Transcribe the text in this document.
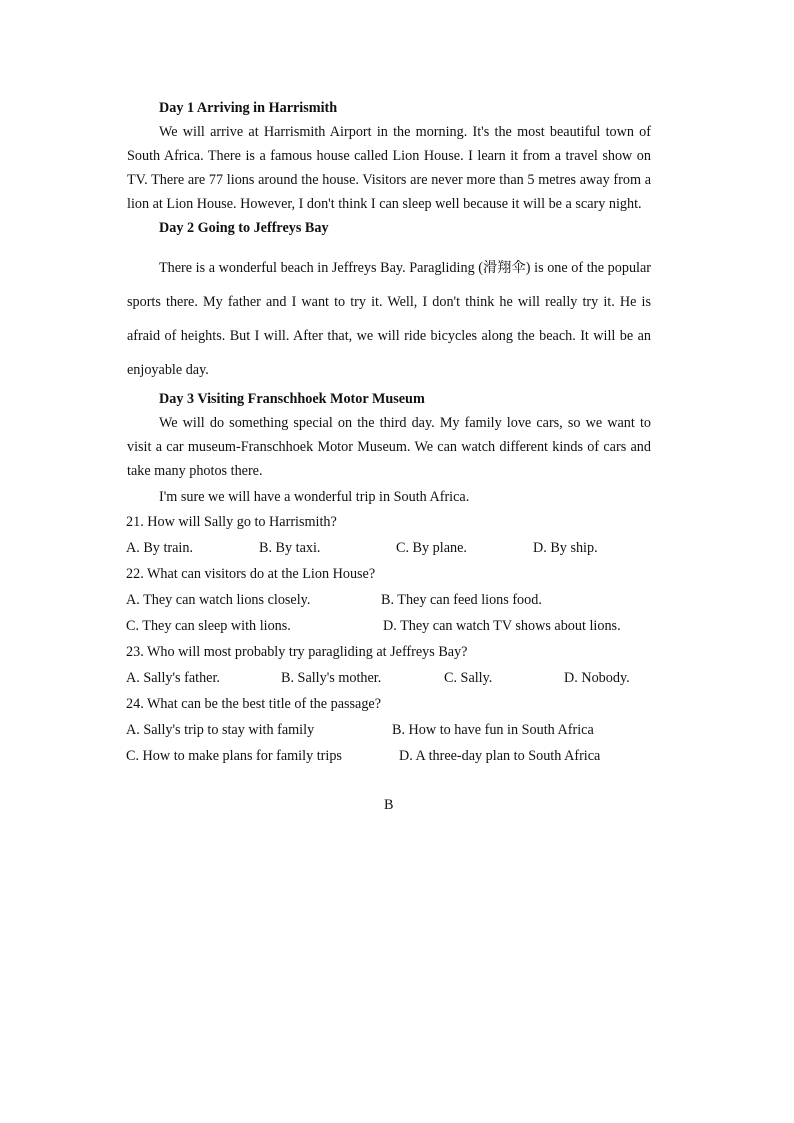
Day 1 Arriving in Harrismith

We will arrive at Harrismith Airport in the morning. It's the most beautiful town of South Africa. There is a famous house called Lion House. I learn it from a travel show on TV. There are 77 lions around the house. Visitors are never more than 5 metres away from a lion at Lion House. However, I don't think I can sleep well because it will be a scary night.

Day 2 Going to Jeffreys Bay

There is a wonderful beach in Jeffreys Bay. Paragliding (滑翔伞) is one of the popular sports there. My father and I want to try it. Well, I don't think he will really try it. He is afraid of heights. But I will. After that, we will ride bicycles along the beach. It will be an enjoyable day.

Day 3 Visiting Franschhoek Motor Museum

We will do something special on the third day. My family love cars, so we want to visit a car museum-Franschhoek Motor Museum. We can watch different kinds of cars and take many photos there.

I'm sure we will have a wonderful trip in South Africa.
21. How will Sally go to Harrismith?
A. By train.	B. By taxi.	C. By plane.	D. By ship.
22. What can visitors do at the Lion House?
A. They can watch lions closely.	B. They can feed lions food.
C. They can sleep with lions.	D. They can watch TV shows about lions.
23. Who will most probably try paragliding at Jeffreys Bay?
A. Sally's father.	B. Sally's mother.	C. Sally.	D. Nobody.
24. What can be the best title of the passage?
A. Sally's trip to stay with family	B. How to have fun in South Africa
C. How to make plans for family trips	D. A three-day plan to South Africa
B
